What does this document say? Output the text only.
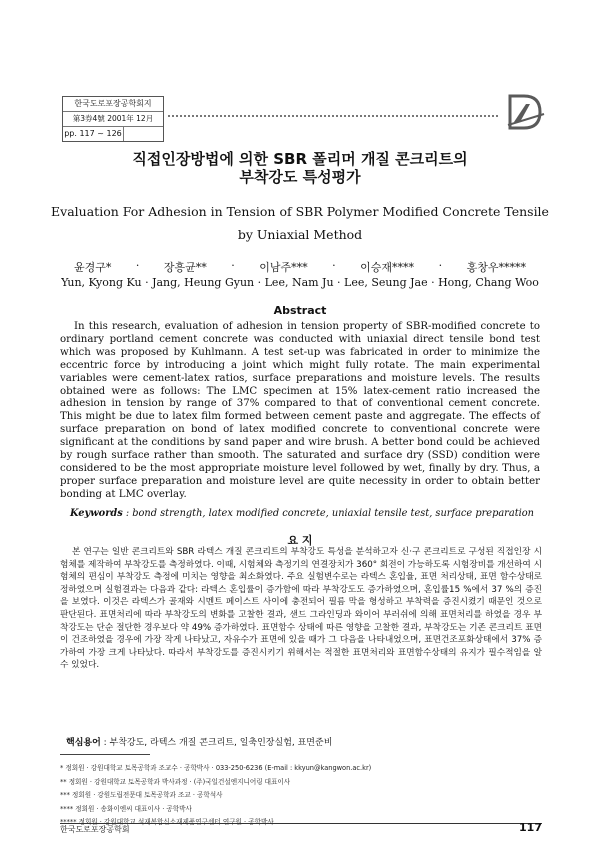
한국도로포장공학회지
第3券4號 2001年 12月
pp. 117 ~ 126
직접인장방법에 의한 SBR 폴리머 개질 콘크리트의
부착강도 특성평가
Evaluation For Adhesion in Tension of SBR Polymer Modified Concrete Tensile
by Uniaxial Method
윤경구* · 장흥균** · 이남주*** · 이승재**** · 홍창우*****
Yun, Kyong Ku · Jang, Heung Gyun · Lee, Nam Ju · Lee, Seung Jae · Hong, Chang Woo
Abstract
In this research, evaluation of adhesion in tension property of SBR-modified concrete to ordinary portland cement concrete was conducted with uniaxial direct tensile bond test which was proposed by Kuhlmann. A test set-up was fabricated in order to minimize the eccentric force by introducing a joint which might fully rotate. The main experimental variables were cement-latex ratios, surface preparations and moisture levels. The results obtained were as follows: The LMC specimen at 15% latex-cement ratio increased the adhesion in tension by range of 37% compared to that of conventional cement concrete. This might be due to latex film formed between cement paste and aggregate. The effects of surface preparation on bond of latex modified concrete to conventional concrete were significant at the conditions by sand paper and wire brush. A better bond could be achieved by rough surface rather than smooth. The saturated and surface dry (SSD) condition were considered to be the most appropriate moisture level followed by wet, finally by dry. Thus, a proper surface preparation and moisture level are quite necessity in order to obtain better bonding at LMC overlay.
Keywords : bond strength, latex modified concrete, uniaxial tensile test, surface preparation
요 지
본 연구는 일반 콘크리트와 SBR 라텍스 개질 콘크리트의 부착강도 특성을 분석하고자 신·구 콘크리트로 구성된 직접인장 시험체를 제작하여 부착강도를 측정하였다. 이때, 시험체와 측정기의 연결장치가 360° 회전이 가능하도록 시험장비를 개선하여 시험체의 편심이 부착강도 측정에 미치는 영향을 최소화였다. 주요 실험변수로는 라텍스 혼입율, 표면 처리상태, 표면 함수상태로 정하였으며 실험결과는 다음과 같다: 라텍스 혼입률이 증가함에 따라 부착강도도 증가하였으며, 혼입률15 %에서 37 %의 증진을 보였다. 이것은 라텍스가 골재와 시멘트 페이스트 사이에 충전되어 필름 막을 형성하고 부착력을 증진시켰기 때문인 것으로 판단된다. 표면처리에 따라 부착강도의 변화를 고찰한 결과, 샌드 그라인딩과 와이어 부러쉬에 의해 표면처리를 하였을 경우 부착강도는 단순 절단한 경우보다 약 49% 증가하였다. 표면함수 상태에 따른 영향을 고찰한 결과, 부착강도는 기존 콘크리트 표면이 건조하였을 경우에 가장 작게 나타났고, 자유수가 표면에 있을 때가 그 다음을 나타내었으며, 표면건조포화상태에서 37% 증가하여 가장 크게 나타났다. 따라서 부착강도를 증진시키기 위해서는 적절한 표면처리와 표면함수상태의 유지가 필수적임을 알 수 있었다.
핵심용어 : 부착강도, 라텍스 개질 콘크리트, 일축인장실험, 표면준비
* 정회원 · 강원대학교 토목공학과 조교수 · 공학박사 · 033-250-6236 (E-mail : kkyun@kangwon.ac.kr)
** 정회원 · 강원대학교 토목공학과 박사과정 · (주)국일건설엔지니어링 대표이사
*** 정회원 · 강원도립전문대 토목공학과 조교 · 공학석사
**** 정회원 · 송화이엔씨 대표이사 · 공학박사
***** 정회원 · 강원대학교 석재복합신소재제품연구센터 연구원 · 공학박사
한국도로포장공학회	117
